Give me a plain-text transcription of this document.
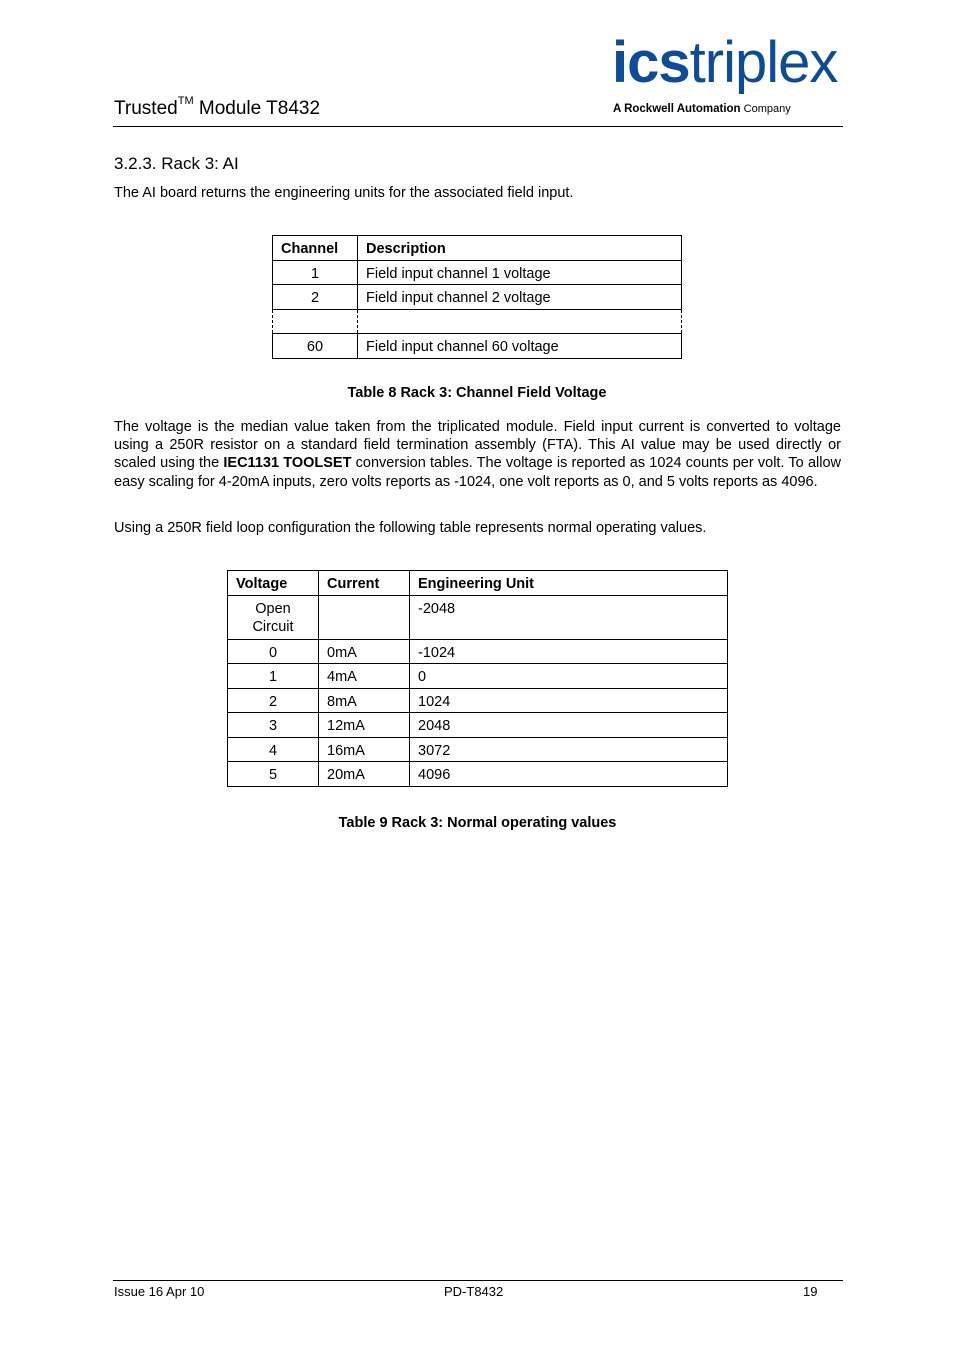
Trusted™ Module T8432
icstriplex
A Rockwell Automation Company
3.2.3. Rack 3: AI
The AI board returns the engineering units for the associated field input.
Channel	Description
1	Field input channel 1 voltage
2	Field input channel 2 voltage

60	Field input channel 60 voltage
Table 8 Rack 3: Channel Field Voltage
The voltage is the median value taken from the triplicated module. Field input current is converted to voltage using a 250R resistor on a standard field termination assembly (FTA). This AI value may be used directly or scaled using the IEC1131 TOOLSET conversion tables. The voltage is reported as 1024 counts per volt. To allow easy scaling for 4-20mA inputs, zero volts reports as -1024, one volt reports as 0, and 5 volts reports as 4096.
Using a 250R field loop configuration the following table represents normal operating values.
Voltage	Current	Engineering Unit
Open Circuit		-2048
0	0mA	-1024
1	4mA	0
2	8mA	1024
3	12mA	2048
4	16mA	3072
5	20mA	4096
Table 9 Rack 3: Normal operating values
Issue 16 Apr 10	PD-T8432	19
